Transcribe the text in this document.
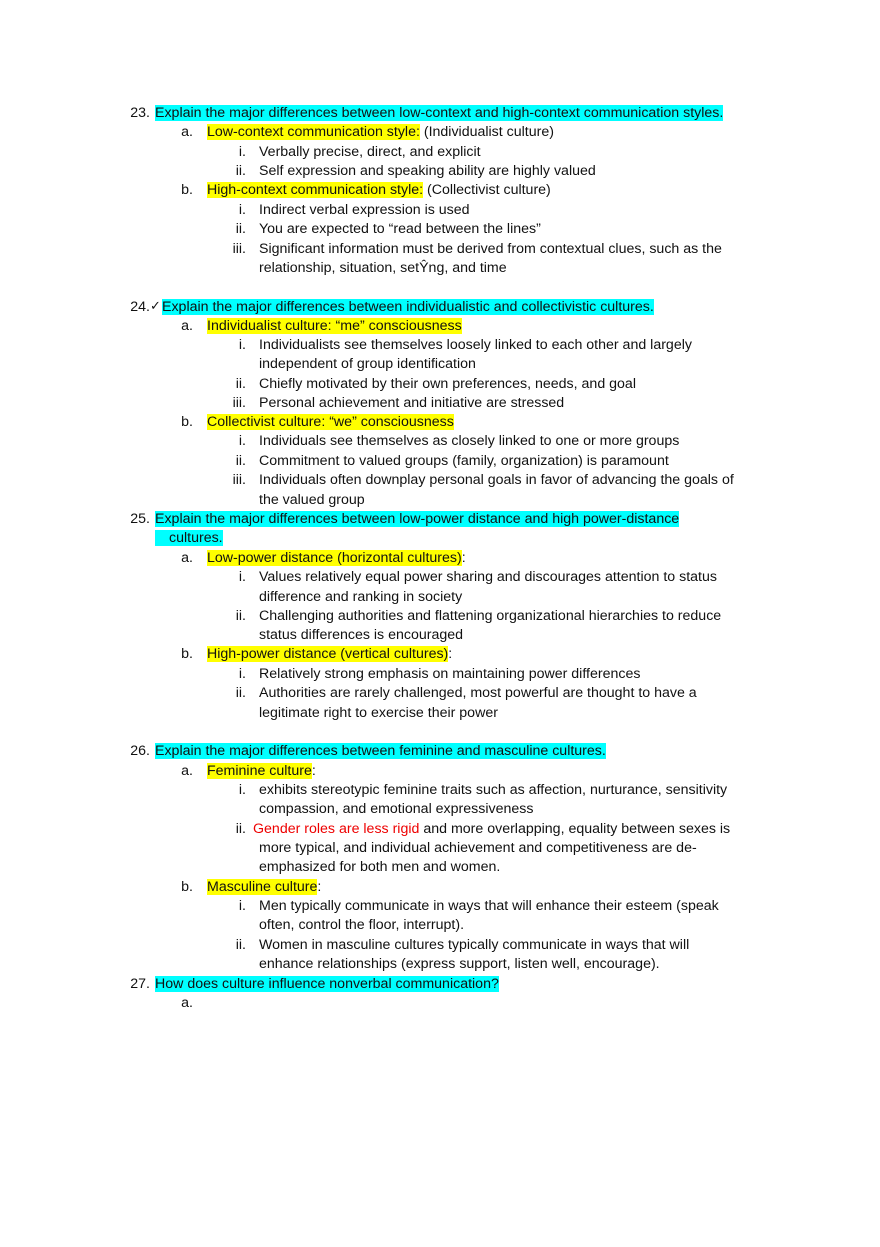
23. Explain the major differences between low-context and high-context communication styles.
a. Low-context communication style: (Individualist culture)
i. Verbally precise, direct, and explicit
ii. Self expression and speaking ability are highly valued
b. High-context communication style: (Collectivist culture)
i. Indirect verbal expression is used
ii. You are expected to “read between the lines”
iii. Significant information must be derived from contextual clues, such as the
relationship, situation, setŶng, and time
24. ✓ Explain the major differences between individualistic and collectivistic cultures.
a. Individualist culture: “me” consciousness
i. Individualists see themselves loosely linked to each other and largely
independent of group identification
ii. Chiefly motivated by their own preferences, needs, and goal
iii. Personal achievement and initiative are stressed
b. Collectivist culture: “we” consciousness
i. Individuals see themselves as closely linked to one or more groups
ii. Commitment to valued groups (family, organization) is paramount
iii. Individuals often downplay personal goals in favor of advancing the goals of
the valued group
25. Explain the major differences between low-power distance and high power-distance
cultures.
a. Low-power distance (horizontal cultures):
i. Values relatively equal power sharing and discourages attention to status
difference and ranking in society
ii. Challenging authorities and flattening organizational hierarchies to reduce
status differences is encouraged
b. High-power distance (vertical cultures):
i. Relatively strong emphasis on maintaining power differences
ii. Authorities are rarely challenged, most powerful are thought to have a
legitimate right to exercise their power
26. Explain the major differences between feminine and masculine cultures.
a. Feminine culture:
i. exhibits stereotypic feminine traits such as affection, nurturance, sensitivity
compassion, and emotional expressiveness
ii. Gender roles are less rigid and more overlapping, equality between sexes is
more typical, and individual achievement and competitiveness are de-
emphasized for both men and women.
b. Masculine culture:
i. Men typically communicate in ways that will enhance their esteem (speak
often, control the floor, interrupt).
ii. Women in masculine cultures typically communicate in ways that will
enhance relationships (express support, listen well, encourage).
27. How does culture influence nonverbal communication?
a.
